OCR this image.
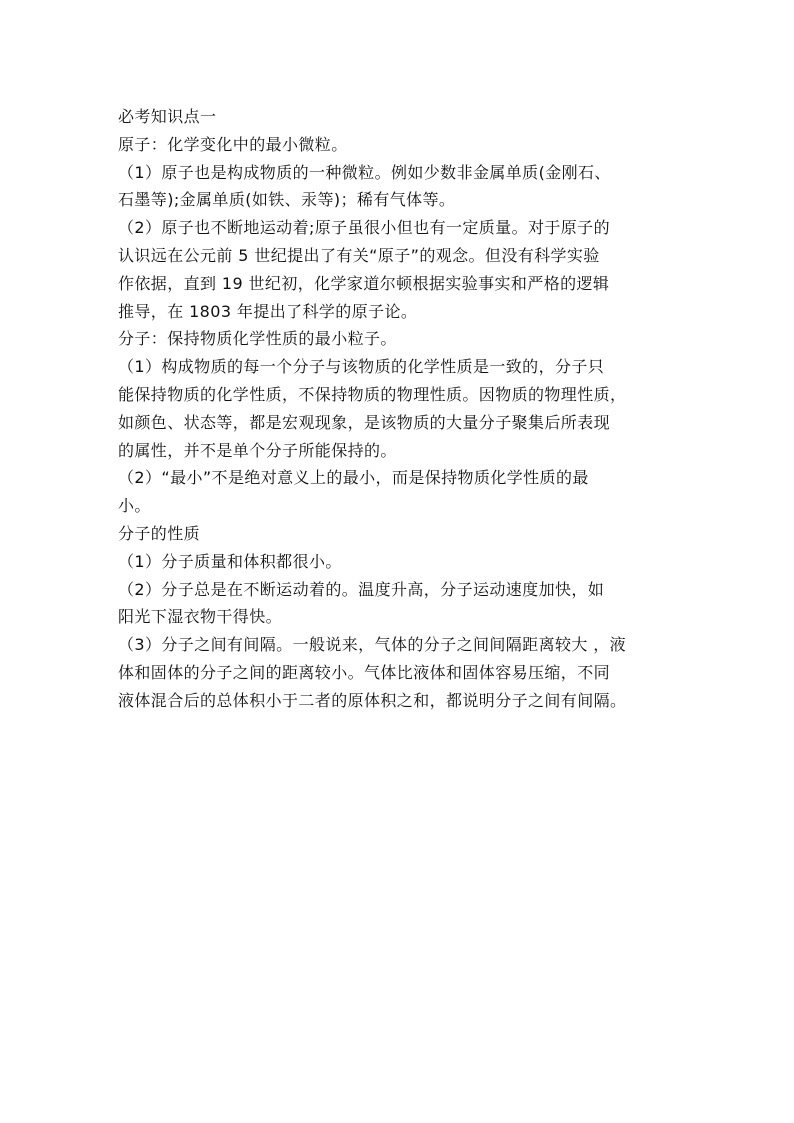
必考知识点一
原子：化学变化中的最小微粒。
（1）原子也是构成物质的一种微粒。例如少数非金属单质(金刚石、
石墨等);金属单质(如铁、汞等)；稀有气体等。
（2）原子也不断地运动着;原子虽很小但也有一定质量。对于原子的
认识远在公元前 5 世纪提出了有关“原子”的观念。但没有科学实验
作依据，直到 19 世纪初，化学家道尔顿根据实验事实和严格的逻辑
推导，在 1803 年提出了科学的原子论。
分子：保持物质化学性质的最小粒子。
（1）构成物质的每一个分子与该物质的化学性质是一致的，分子只
能保持物质的化学性质，不保持物质的物理性质。因物质的物理性质，
如颜色、状态等，都是宏观现象，是该物质的大量分子聚集后所表现
的属性，并不是单个分子所能保持的。
（2）“最小”不是绝对意义上的最小，而是保持物质化学性质的最
小。
分子的性质
（1）分子质量和体积都很小。
（2）分子总是在不断运动着的。温度升高，分子运动速度加快，如
阳光下湿衣物干得快。
（3）分子之间有间隔。一般说来，气体的分子之间间隔距离较大 ，液
体和固体的分子之间的距离较小。气体比液体和固体容易压缩，不同
液体混合后的总体积小于二者的原体积之和，都说明分子之间有间隔。
